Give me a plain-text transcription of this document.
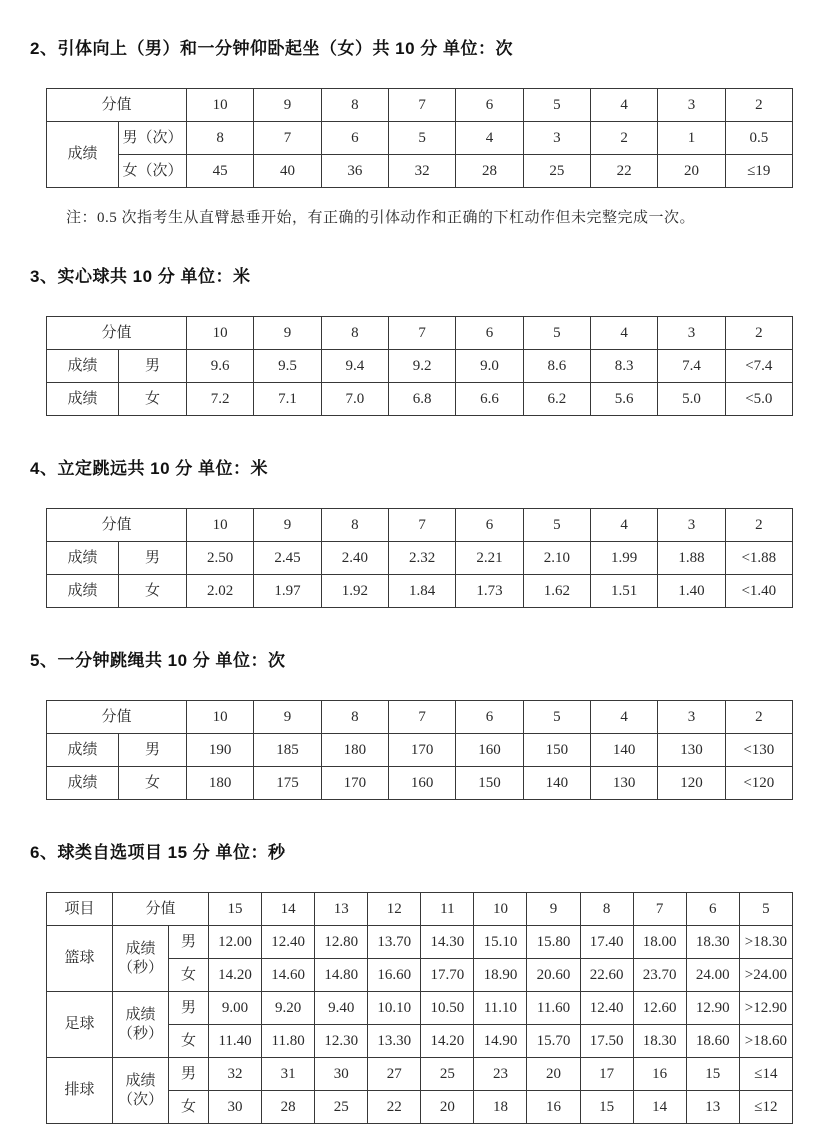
2、引体向上（男）和一分钟仰卧起坐（女）共 10 分 单位：次
分值		10	9	8	7	6	5	4	3	2
成绩	男（次）	8	7	6	5	4	3	2	1	0.5
	女（次）	45	40	36	32	28	25	22	20	≤19

注：0.5 次指考生从直臂悬垂开始，有正确的引体动作和正确的下杠动作但未完整完成一次。

3、实心球共 10 分 单位：米
分值		10	9	8	7	6	5	4	3	2
成绩	男	9.6	9.5	9.4	9.2	9.0	8.6	8.3	7.4	<7.4
成绩	女	7.2	7.1	7.0	6.8	6.6	6.2	5.6	5.0	<5.0
4、立定跳远共 10 分 单位：米
分值		10	9	8	7	6	5	4	3	2
成绩	男	2.50	2.45	2.40	2.32	2.21	2.10	1.99	1.88	<1.88
成绩	女	2.02	1.97	1.92	1.84	1.73	1.62	1.51	1.40	<1.40
5、一分钟跳绳共 10 分 单位：次
分值		10	9	8	7	6	5	4	3	2
成绩	男	190	185	180	170	160	150	140	130	<130
成绩	女	180	175	170	160	150	140	130	120	<120
6、球类自选项目 15 分 单位：秒
项目	分值		15	14	13	12	11	10	9	8	7	6	5
篮球	成绩（秒）	男	12.00	12.40	12.80	13.70	14.30	15.10	15.80	17.40	18.00	18.30	>18.30
		女	14.20	14.60	14.80	16.60	17.70	18.90	20.60	22.60	23.70	24.00	>24.00
足球	成绩（秒）	男	9.00	9.20	9.40	10.10	10.50	11.10	11.60	12.40	12.60	12.90	>12.90
		女	11.40	11.80	12.30	13.30	14.20	14.90	15.70	17.50	18.30	18.60	>18.60
排球	成绩（次）	男	32	31	30	27	25	23	20	17	16	15	≤14
		女	30	28	25	22	20	18	16	15	14	13	≤12
